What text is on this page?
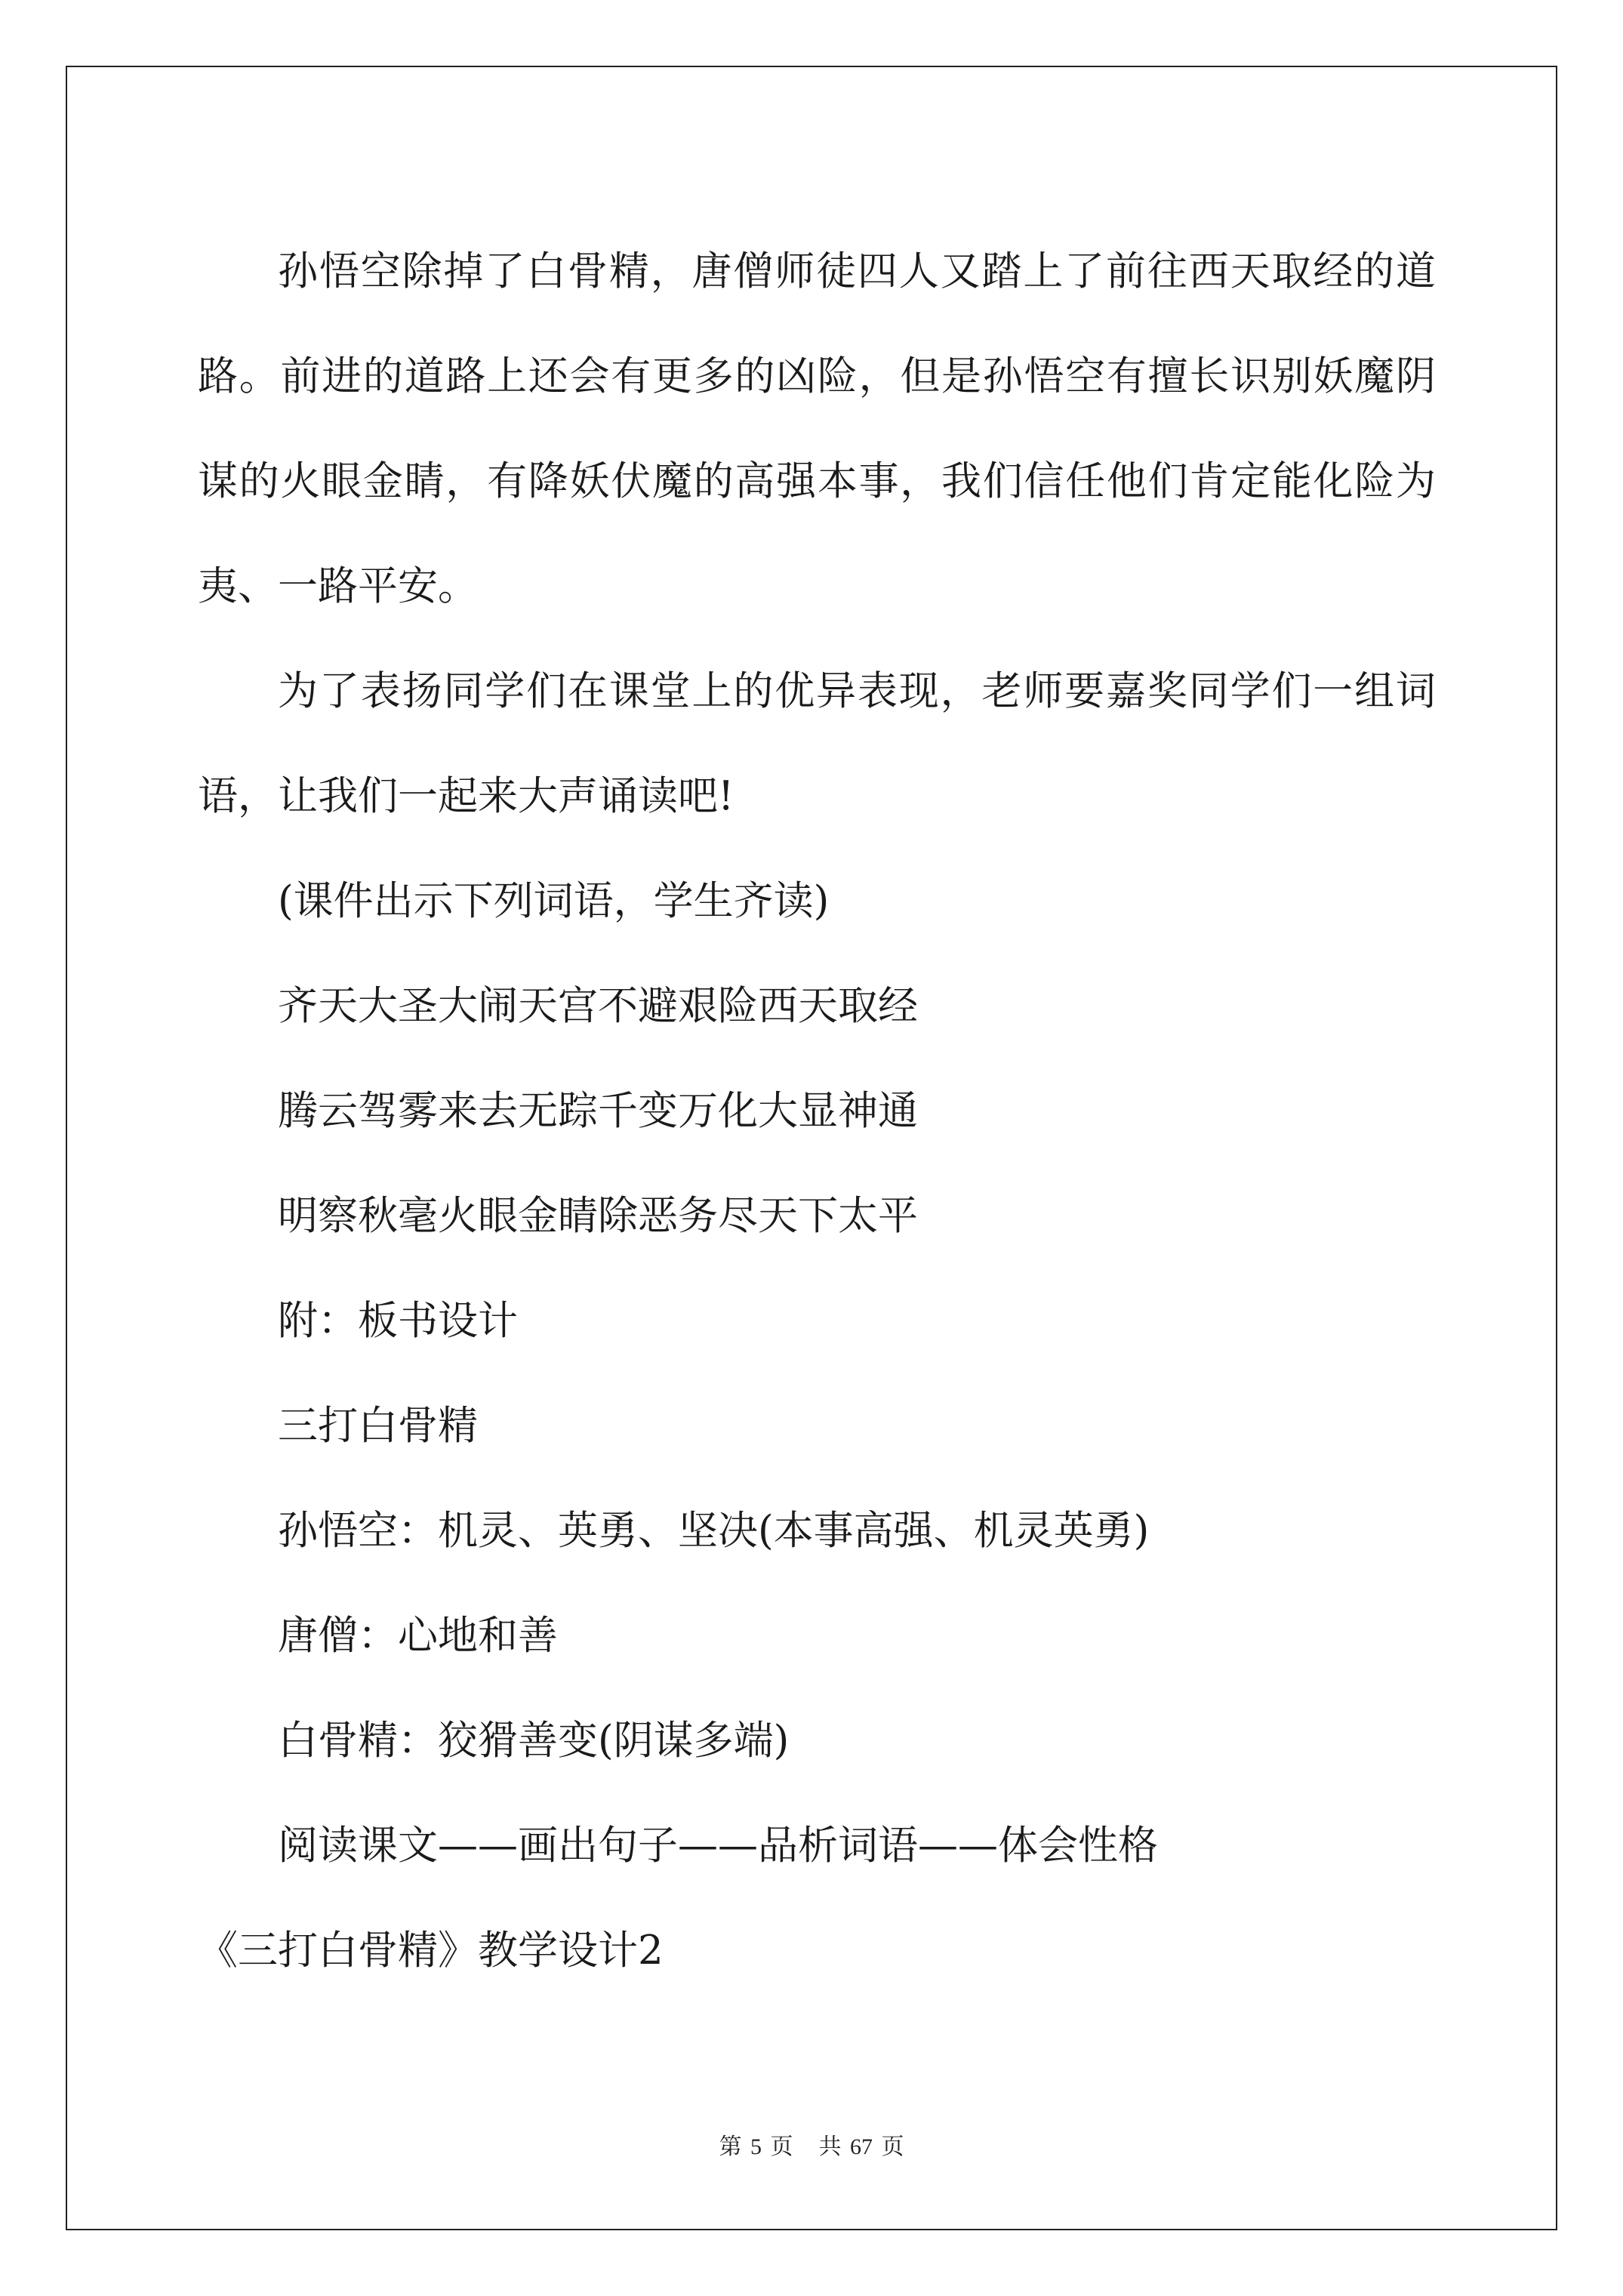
孙悟空除掉了白骨精，唐僧师徒四人又踏上了前往西天取经的道路。前进的道路上还会有更多的凶险，但是孙悟空有擅长识别妖魔阴谋的火眼金睛，有降妖伏魔的高强本事，我们信任他们肯定能化险为夷、一路平安。

为了表扬同学们在课堂上的优异表现，老师要嘉奖同学们一组词语，让我们一起来大声诵读吧!

(课件出示下列词语，学生齐读)

齐天大圣大闹天宫不避艰险西天取经

腾云驾雾来去无踪千变万化大显神通

明察秋毫火眼金睛除恶务尽天下太平

附：板书设计

三打白骨精

孙悟空：机灵、英勇、坚决(本事高强、机灵英勇)

唐僧：心地和善

白骨精：狡猾善变(阴谋多端)

阅读课文——画出句子——品析词语——体会性格

《三打白骨精》教学设计2

第 5 页 共 67 页
